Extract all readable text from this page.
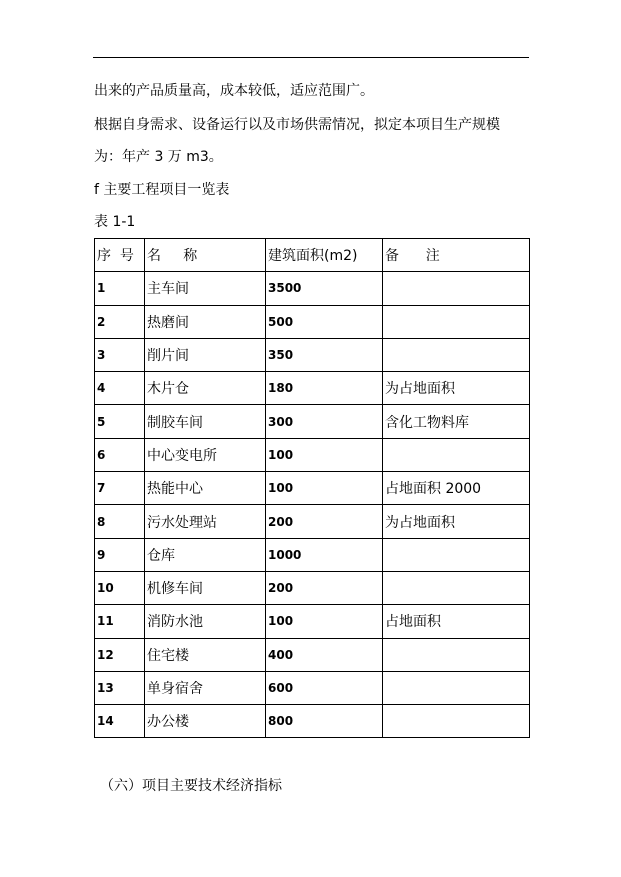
出来的产品质量高，成本较低，适应范围广。

根据自身需求、设备运行以及市场供需情况，拟定本项目生产规模

为：年产 3 万 m3。

f 主要工程项目一览表

表 1-1

序  号	名     称	建筑面积(m2)	备      注
1	主车间	3500	
2	热磨间	500	
3	削片间	350	
4	木片仓	180	为占地面积
5	制胶车间	300	含化工物料库
6	中心变电所	100	
7	热能中心	100	占地面积 2000
8	污水处理站	200	为占地面积
9	仓库	1000	
10	机修车间	200	
11	消防水池	100	占地面积
12	住宅楼	400	
13	单身宿舍	600	
14	办公楼	800	

（六）项目主要技术经济指标
